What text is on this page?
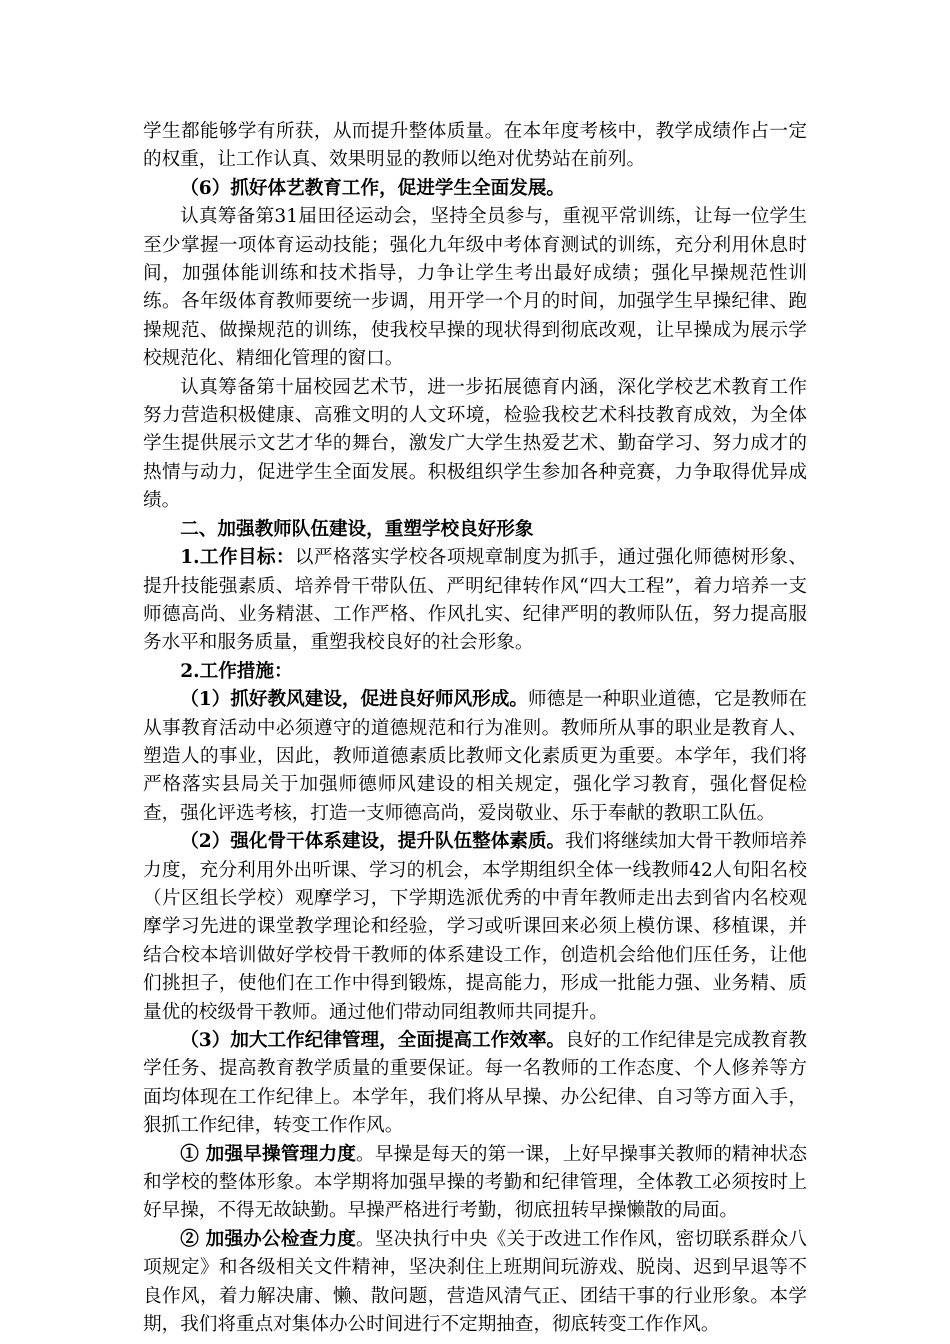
学生都能够学有所获，从而提升整体质量。在本年度考核中，教学成绩作占一定的权重，让工作认真、效果明显的教师以绝对优势站在前列。

（6）抓好体艺教育工作，促进学生全面发展。

认真筹备第31届田径运动会，坚持全员参与，重视平常训练，让每一位学生至少掌握一项体育运动技能；强化九年级中考体育测试的训练，充分利用休息时间，加强体能训练和技术指导，力争让学生考出最好成绩；强化早操规范性训练。各年级体育教师要统一步调，用开学一个月的时间，加强学生早操纪律、跑操规范、做操规范的训练，使我校早操的现状得到彻底改观，让早操成为展示学校规范化、精细化管理的窗口。

认真筹备第十届校园艺术节，进一步拓展德育内涵，深化学校艺术教育工作努力营造积极健康、高雅文明的人文环境，检验我校艺术科技教育成效，为全体学生提供展示文艺才华的舞台，激发广大学生热爱艺术、勤奋学习、努力成才的热情与动力，促进学生全面发展。积极组织学生参加各种竞赛，力争取得优异成绩。

二、加强教师队伍建设，重塑学校良好形象

1.工作目标：以严格落实学校各项规章制度为抓手，通过强化师德树形象、提升技能强素质、培养骨干带队伍、严明纪律转作风“四大工程”，着力培养一支师德高尚、业务精湛、工作严格、作风扎实、纪律严明的教师队伍，努力提高服务水平和服务质量，重塑我校良好的社会形象。

2.工作措施：

（1）抓好教风建设，促进良好师风形成。师德是一种职业道德，它是教师在从事教育活动中必须遵守的道德规范和行为准则。教师所从事的职业是教育人、塑造人的事业，因此，教师道德素质比教师文化素质更为重要。本学年，我们将严格落实县局关于加强师德师风建设的相关规定，强化学习教育，强化督促检查，强化评选考核，打造一支师德高尚，爱岗敬业、乐于奉献的教职工队伍。

（2）强化骨干体系建设，提升队伍整体素质。我们将继续加大骨干教师培养力度，充分利用外出听课、学习的机会，本学期组织全体一线教师42人旬阳名校（片区组长学校）观摩学习，下学期选派优秀的中青年教师走出去到省内名校观摩学习先进的课堂教学理论和经验，学习或听课回来必须上模仿课、移植课，并结合校本培训做好学校骨干教师的体系建设工作，创造机会给他们压任务，让他们挑担子，使他们在工作中得到锻炼，提高能力，形成一批能力强、业务精、质量优的校级骨干教师。通过他们带动同组教师共同提升。

（3）加大工作纪律管理，全面提高工作效率。良好的工作纪律是完成教育教学任务、提高教育教学质量的重要保证。每一名教师的工作态度、个人修养等方面均体现在工作纪律上。本学年，我们将从早操、办公纪律、自习等方面入手，狠抓工作纪律，转变工作作风。

① 加强早操管理力度。早操是每天的第一课，上好早操事关教师的精神状态和学校的整体形象。本学期将加强早操的考勤和纪律管理，全体教工必须按时上好早操，不得无故缺勤。早操严格进行考勤，彻底扭转早操懒散的局面。

② 加强办公检查力度。坚决执行中央《关于改进工作作风，密切联系群众八项规定》和各级相关文件精神，坚决刹住上班期间玩游戏、脱岗、迟到早退等不良作风，着力解决庸、懒、散问题，营造风清气正、团结干事的行业形象。本学期，我们将重点对集体办公时间进行不定期抽查，彻底转变工作作风。
